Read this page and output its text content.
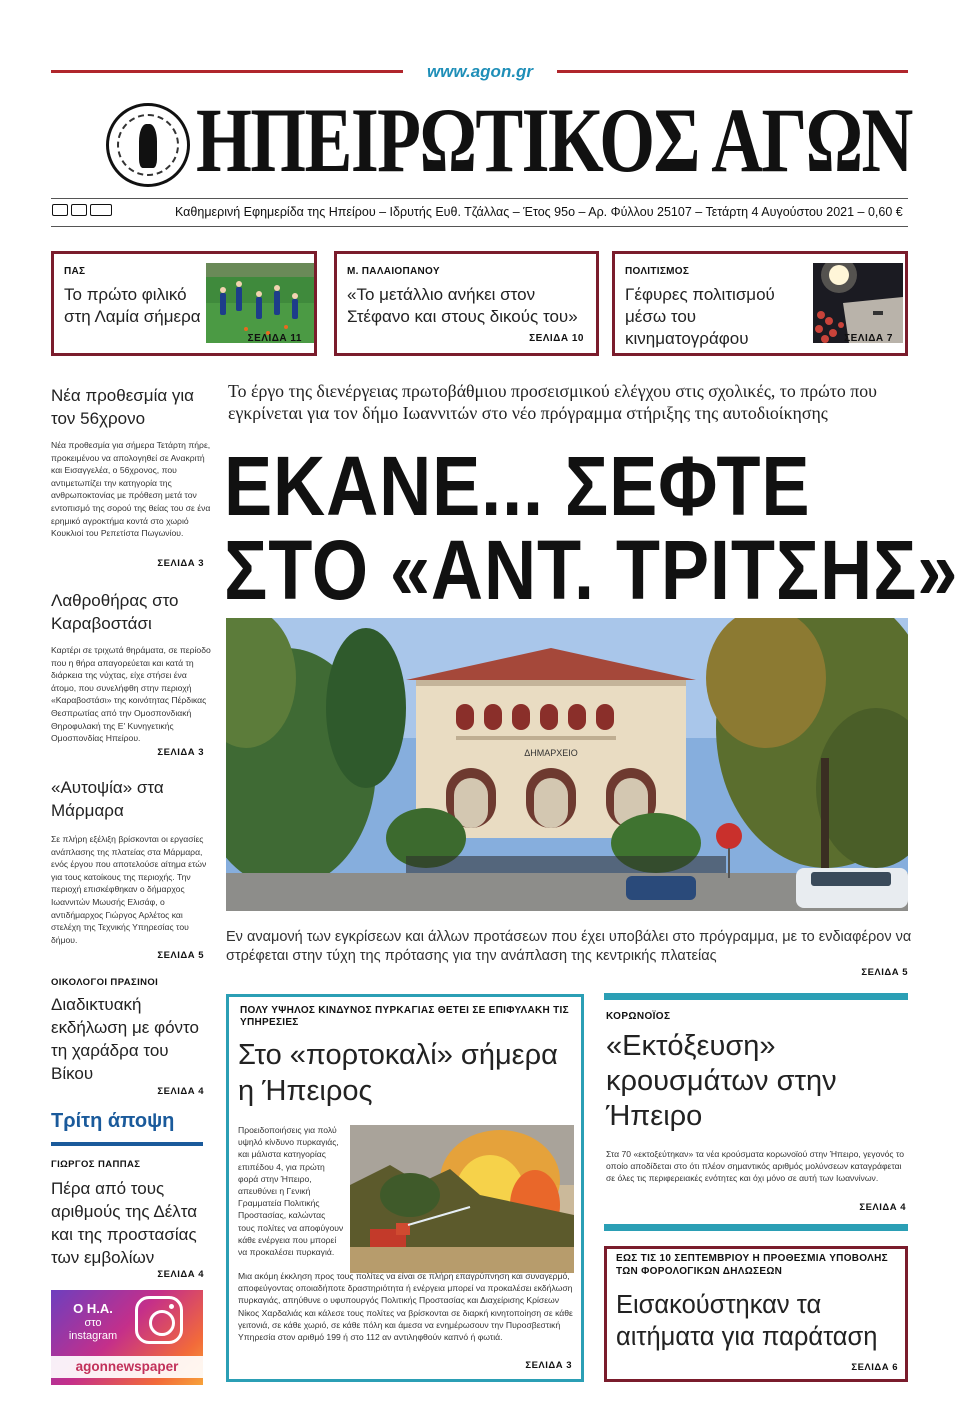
www.agon.gr
ΗΠΕΙΡΩΤΙΚΟΣ ΑΓΩΝ
Καθημερινή Εφημερίδα της Ηπείρου – Ιδρυτής Ευθ. Τζάλλας – Έτος 95ο – Αρ. Φύλλου 25107 – Τετάρτη 4 Αυγούστου 2021 – 0,60 €
ΠΑΣ
Το πρώτο φιλικό στη Λαμία σήμερα
ΣΕΛΙΔΑ 11
Μ. ΠΑΛΑΙΟΠΑΝΟΥ
«Το μετάλλιο ανήκει στον Στέφανο και στους δικούς του»
ΣΕΛΙΔΑ 10
ΠΟΛΙΤΙΣΜΟΣ
Γέφυρες πολιτισμού μέσω του κινηματογράφου	ΣΕΛΙΔΑ 7
Νέα προθεσμία για τον 56χρονο
Νέα προθεσμία για σήμερα Τετάρτη πήρε, προκειμένου να απολογηθεί σε Ανακριτή και Εισαγγελέα, ο 56χρονος, που αντιμετωπίζει την κατηγορία της ανθρωποκτονίας με πρόθεση μετά τον εντοπισμό της σορού της θείας του σε ένα ερημικό αγροκτήμα κοντά στο χωριό Κουκλιοί του Ρεπετίστα Πωγωνίου.
ΣΕΛΙΔΑ 3
Λαθροθήρας στο Καραβοστάσι
Καρτέρι σε τριχωτά θηράματα, σε περίοδο που η θήρα απαγορεύεται και κατά τη διάρκεια της νύχτας, είχε στήσει ένα άτομο, που συνελήφθη στην περιοχή «Καραβοστάσι» της κοινότητας Πέρδικας Θεσπρωτίας από την Ομοσπονδιακή Θηροφυλακή της Ε' Κυνηγετικής Ομοσπονδίας Ηπείρου.
ΣΕΛΙΔΑ 3
«Αυτοψία» στα Μάρμαρα
Σε πλήρη εξέλιξη βρίσκονται οι εργασίες ανάπλασης της πλατείας στα Μάρμαρα, ενός έργου που αποτελούσε αίτημα ετών για τους κατοίκους της περιοχής. Την περιοχή επισκέφθηκαν ο δήμαρχος Ιωαννιτών Μωυσής Ελισάφ, ο αντιδήμαρχος Γιώργος Αρλέτος και στελέχη της Τεχνικής Υπηρεσίας του δήμου.
ΣΕΛΙΔΑ 5
ΟΙΚΟΛΟΓΟΙ ΠΡΑΣΙΝΟΙ
Διαδικτυακή εκδήλωση με φόντο τη χαράδρα του Βίκου
ΣΕΛΙΔΑ 4
Τρίτη άποψη
ΓΙΩΡΓΟΣ ΠΑΠΠΑΣ
Πέρα από τους αριθμούς της Δέλτα και της προστασίας των εμβολίων
ΣΕΛΙΔΑ 4
Ο Η.Α.
στο
instagram
agonnewspaper
Το έργο της διενέργειας πρωτοβάθμιου προσεισμικού ελέγχου στις σχολικές, το πρώτο που εγκρίνεται για τον δήμο Ιωαννιτών στο νέο πρόγραμμα στήριξης της αυτοδιοίκησης
ΕΚΑΝΕ... ΣΕΦΤΕ
ΣΤΟ «ΑΝΤ. ΤΡΙΤΣΗΣ»
ΔΗΜΑΡΧΕΙΟ
Εν αναμονή των εγκρίσεων και άλλων προτάσεων που έχει υποβάλει στο πρόγραμμα, με το ενδιαφέρον να στρέφεται στην τύχη της πρότασης για την ανάπλαση της κεντρικής πλατείας
ΣΕΛΙΔΑ 5
ΠΟΛΥ ΥΨΗΛΟΣ ΚΙΝΔΥΝΟΣ ΠΥΡΚΑΓΙΑΣ ΘΕΤΕΙ ΣΕ ΕΠΙΦΥΛΑΚΗ ΤΙΣ ΥΠΗΡΕΣΙΕΣ
Στο «πορτοκαλί» σήμερα η Ήπειρος
Προειδοποιήσεις για πολύ υψηλό κίνδυνο πυρκαγιάς, και μάλιστα κατηγορίας επιπέδου 4, για πρώτη φορά στην Ήπειρο, απευθύνει η Γενική Γραμματεία Πολιτικής Προστασίας, καλώντας τους πολίτες να αποφύγουν κάθε ενέργεια που μπορεί να προκαλέσει πυρκαγιά.
Μια ακόμη έκκληση προς τους πολίτες να είναι σε πλήρη επαγρύπνηση και συναγερμό, αποφεύγοντας οποιαδήποτε δραστηριότητα ή ενέργεια μπορεί να προκαλέσει εκδήλωση πυρκαγιάς, απηύθυνε ο υφυπουργός Πολιτικής Προστασίας και Διαχείρισης Κρίσεων Νίκος Χαρδαλιάς και κάλεσε τους πολίτες να βρίσκονται σε διαρκή κινητοποίηση σε κάθε γειτονιά, σε κάθε χωριό, σε κάθε πόλη και άμεσα να ενημέρωσουν την Πυροσβεστική Υπηρεσία στον αριθμό 199 ή στο 112 αν αντιληφθούν καπνό ή φωτιά.
ΣΕΛΙΔΑ 3
ΚΟΡΩΝΟΪΟΣ
«Εκτόξευση» κρουσμάτων στην Ήπειρο
Στα 70 «εκτοξεύτηκαν» τα νέα κρούσματα κορωνοϊού στην Ήπειρο, γεγονός το οποίο αποδίδεται στο ότι πλέον σημαντικός αριθμός μολύνσεων καταγράφεται σε όλες τις περιφερειακές ενότητες και όχι μόνο σε αυτή των Ιωαννίνων.
ΣΕΛΙΔΑ 4
ΕΩΣ ΤΙΣ 10 ΣΕΠΤΕΜΒΡΙΟΥ Η ΠΡΟΘΕΣΜΙΑ ΥΠΟΒΟΛΗΣ ΤΩΝ ΦΟΡΟΛΟΓΙΚΩΝ ΔΗΛΩΣΕΩΝ
Εισακούστηκαν τα αιτήματα για παράταση
ΣΕΛΙΔΑ 6
